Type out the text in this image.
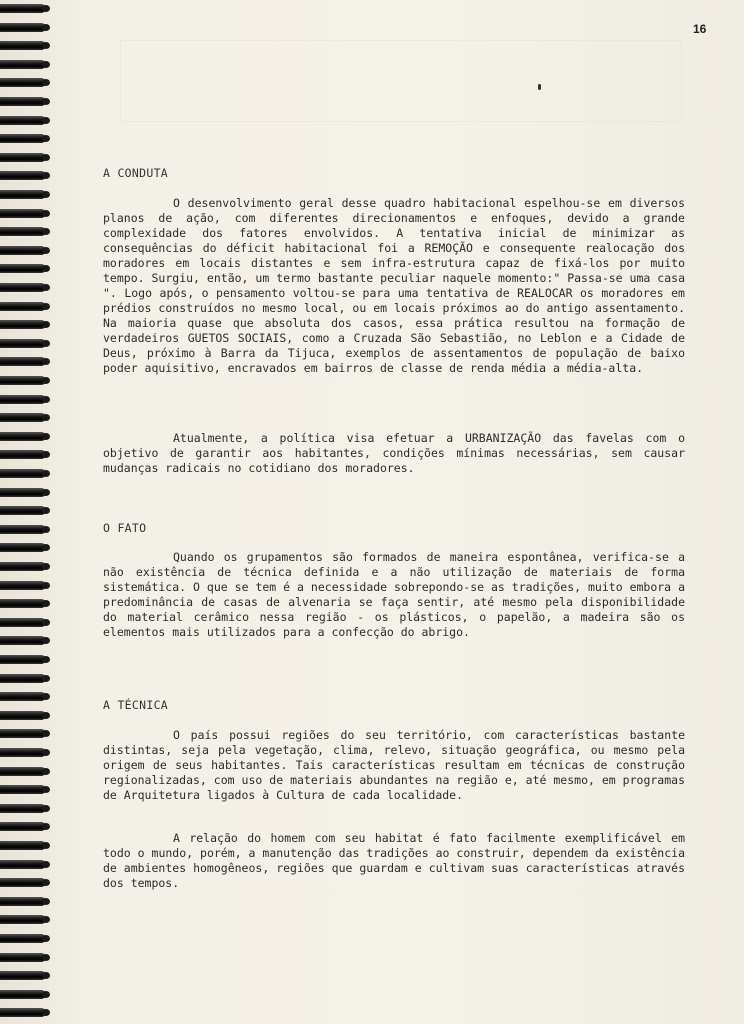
16
A CONDUTA

O desenvolvimento geral desse quadro habitacional espelhou-se em diversos planos de ação, com diferentes direcionamentos e enfoques, devido a grande complexidade dos fatores envolvidos. A tentativa inicial de minimizar as consequências do déficit habitacional foi a REMOÇÃO e consequente realocação dos moradores em locais distantes e sem infra-estrutura capaz de fixá-los por muito tempo. Surgiu, então, um termo bastante peculiar naquele momento:" Passa-se uma casa ". Logo após, o pensamento voltou-se para uma tentativa de REALOCAR os moradores em prédios construídos no mesmo local, ou em locais próximos ao do antigo assentamento. Na maioria quase que absoluta dos casos, essa prática resultou na formação de verdadeiros GUETOS SOCIAIS, como a Cruzada São Sebastião, no Leblon e a Cidade de Deus, próximo à Barra da Tijuca, exemplos de assentamentos de população de baixo poder aquisitivo, encravados em bairros de classe de renda média a média-alta.

Atualmente, a política visa efetuar a URBANIZAÇÃO das favelas com o objetivo de garantir aos habitantes, condições mínimas necessárias, sem causar mudanças radicais no cotidiano dos moradores.

O FATO

Quando os grupamentos são formados de maneira espontânea, verifica-se a não existência de técnica definida e a não utilização de materiais de forma sistemática. O que se tem é a necessidade sobrepondo-se as tradições, muito embora a predominância de casas de alvenaria se faça sentir, até mesmo pela disponibilidade do material cerâmico nessa região - os plásticos, o papelão, a madeira são os elementos mais utilizados para a confecção do abrigo.

A TÉCNICA

O país possui regiões do seu território, com características bastante distintas, seja pela vegetação, clima, relevo, situação geográfica, ou mesmo pela origem de seus habitantes. Tais características resultam em técnicas de construção regionalizadas, com uso de materiais abundantes na região e, até mesmo, em programas de Arquitetura ligados à Cultura de cada localidade.

A relação do homem com seu habitat é fato facilmente exemplificável em todo o mundo, porém, a manutenção das tradições ao construir, dependem da existência de ambientes homogêneos, regiões que guardam e cultivam suas características através dos tempos.
